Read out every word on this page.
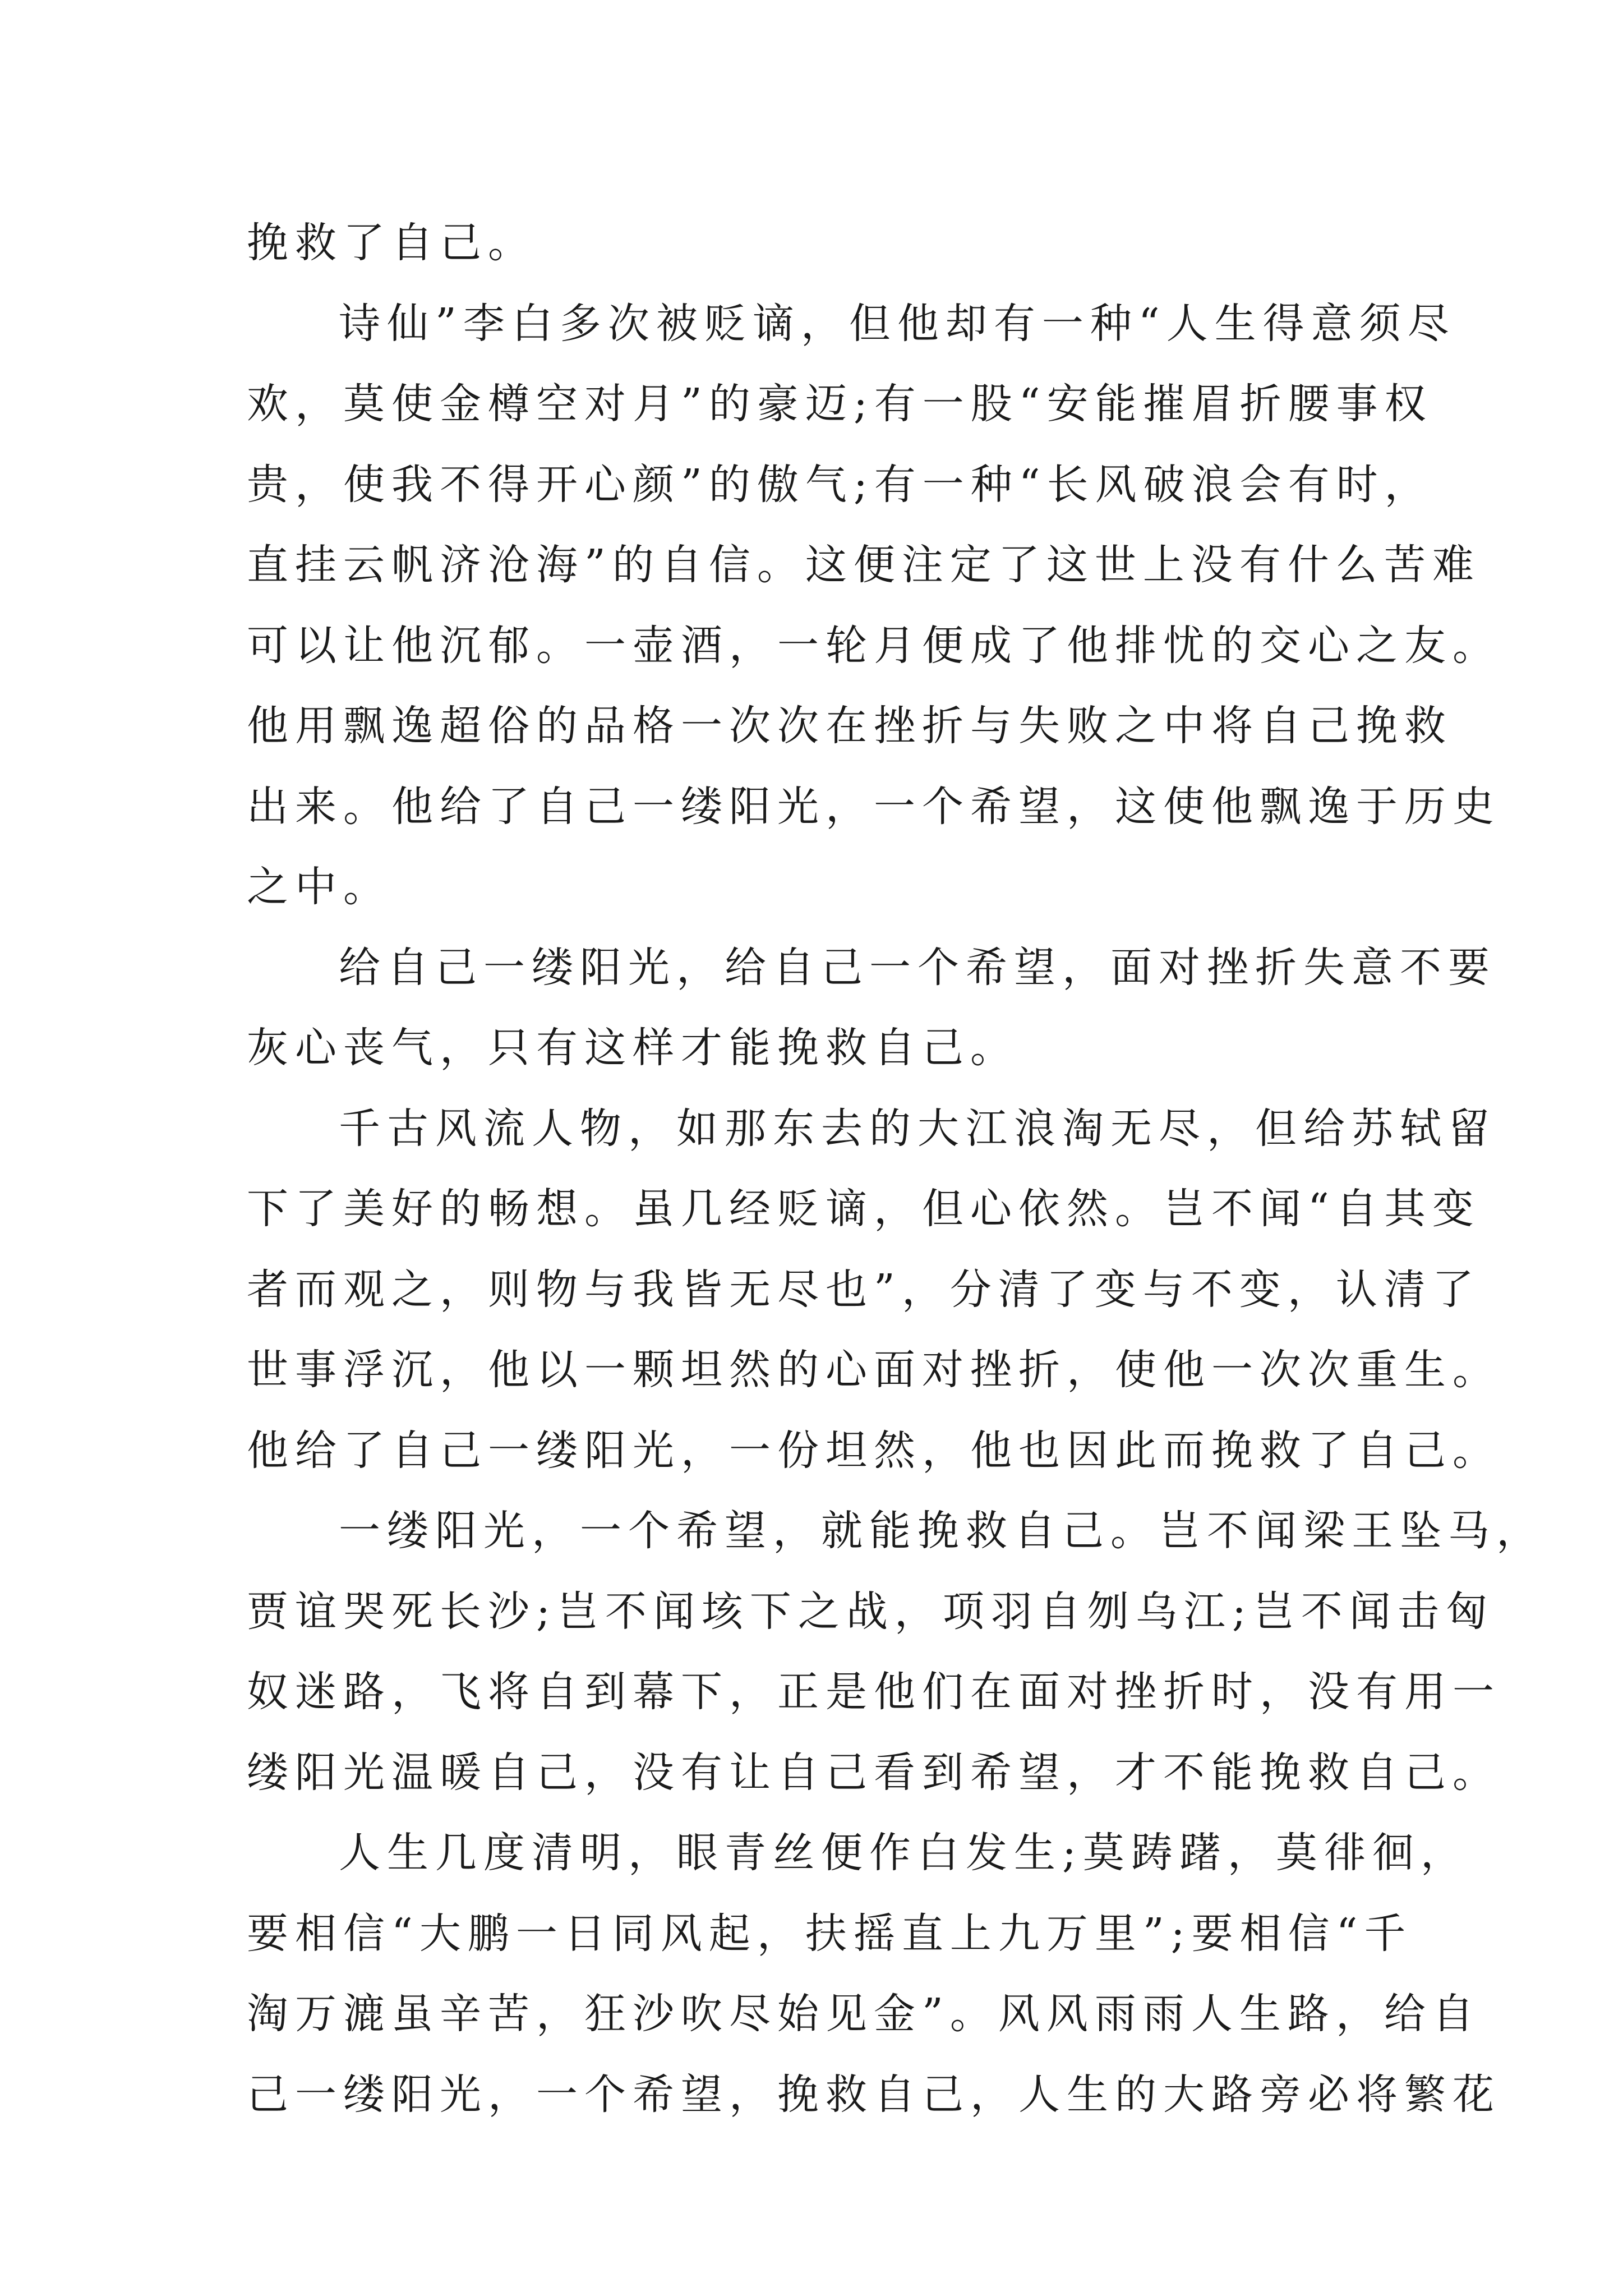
挽救了自己。
诗仙”李白多次被贬谪，但他却有一种“人生得意须尽
欢，莫使金樽空对月”的豪迈;有一股“安能摧眉折腰事权
贵，使我不得开心颜”的傲气;有一种“长风破浪会有时，
直挂云帆济沧海”的自信。这便注定了这世上没有什么苦难
可以让他沉郁。一壶酒，一轮月便成了他排忧的交心之友。
他用飘逸超俗的品格一次次在挫折与失败之中将自己挽救
出来。他给了自己一缕阳光，一个希望，这使他飘逸于历史
之中。
给自己一缕阳光，给自己一个希望，面对挫折失意不要
灰心丧气，只有这样才能挽救自己。
千古风流人物，如那东去的大江浪淘无尽，但给苏轼留
下了美好的畅想。虽几经贬谪，但心依然。岂不闻“自其变
者而观之，则物与我皆无尽也”，分清了变与不变，认清了
世事浮沉，他以一颗坦然的心面对挫折，使他一次次重生。
他给了自己一缕阳光，一份坦然，他也因此而挽救了自己。
一缕阳光，一个希望，就能挽救自己。岂不闻梁王坠马，
贾谊哭死长沙;岂不闻垓下之战，项羽自刎乌江;岂不闻击匈
奴迷路，飞将自到幕下，正是他们在面对挫折时，没有用一
缕阳光温暖自己，没有让自己看到希望，才不能挽救自己。
人生几度清明，眼青丝便作白发生;莫踌躇，莫徘徊，
要相信“大鹏一日同风起，扶摇直上九万里”;要相信“千
淘万漉虽辛苦，狂沙吹尽始见金”。风风雨雨人生路，给自
己一缕阳光，一个希望，挽救自己，人生的大路旁必将繁花
